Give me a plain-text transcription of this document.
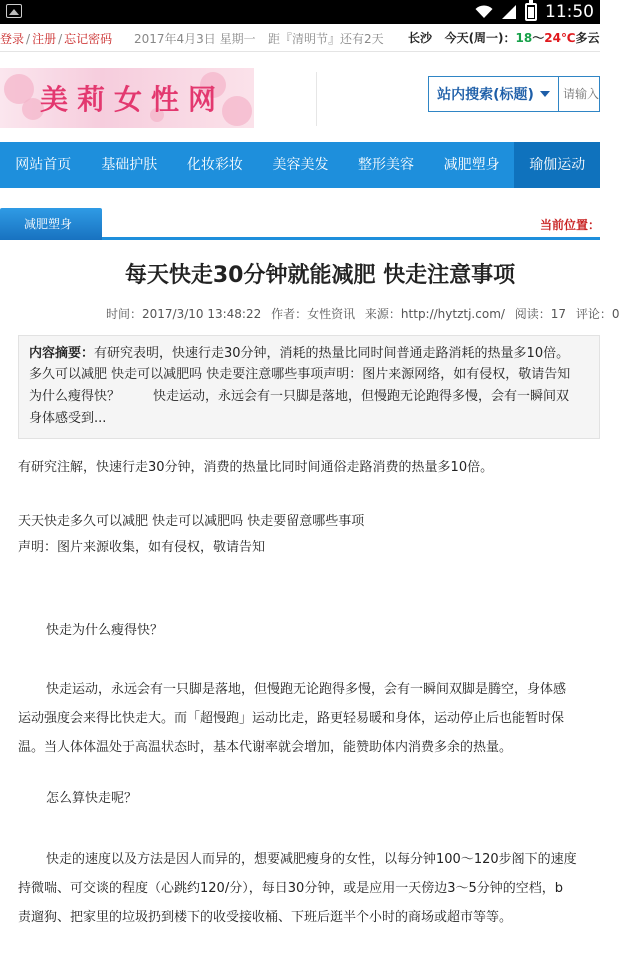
11:50
登录 / 注册 / 忘记密码 2017年4月3日 星期一 距『清明节』还有2天 长沙 今天(周一)：18～24℃多云
美莉女性网	站内搜索(标题)
请输入
网站首页	基础护肤	化妆彩妆	美容美发	整形美容	减肥塑身	瑜伽运动
减肥塑身	当前位置：
每天快走30分钟就能减肥 快走注意事项
时间：2017/3/10 13:48:22 作者：女性资讯 来源：http://hytztj.com/ 阅读：17 评论：0
内容摘要：有研究表明，快速行走30分钟，消耗的热量比同时间普通走路消耗的热量多10倍。
多久可以减肥 快走可以减肥吗 快走要注意哪些事项声明：图片来源网络，如有侵权，敬请告知
为什么瘦得快？        快走运动，永远会有一只脚是落地，但慢跑无论跑得多慢，会有一瞬间双
身体感受到...
有研究注解，快速行走30分钟，消费的热量比同时间通俗走路消费的热量多10倍。
天天快走多久可以减肥 快走可以减肥吗 快走要留意哪些事项
声明：图片来源收集，如有侵权，敬请告知
快走为什么瘦得快？
快走运动，永远会有一只脚是落地，但慢跑无论跑得多慢，会有一瞬间双脚是腾空，身体感
运动强度会来得比快走大。而「超慢跑」运动比走，路更轻易暖和身体，运动停止后也能暂时保
温。当人体体温处于高温状态时，基本代谢率就会增加，能赞助体内消费多余的热量。
怎么算快走呢？
快走的速度以及方法是因人而异的，想要减肥瘦身的女性，以每分钟100～120步阁下的速度
持微喘、可交谈的程度（心跳约120/分），每日30分钟，或是应用一天傍边3～5分钟的空档，b
责遛狗、把家里的垃圾扔到楼下的收受接收桶、下班后逛半个小时的商场或超市等等。
